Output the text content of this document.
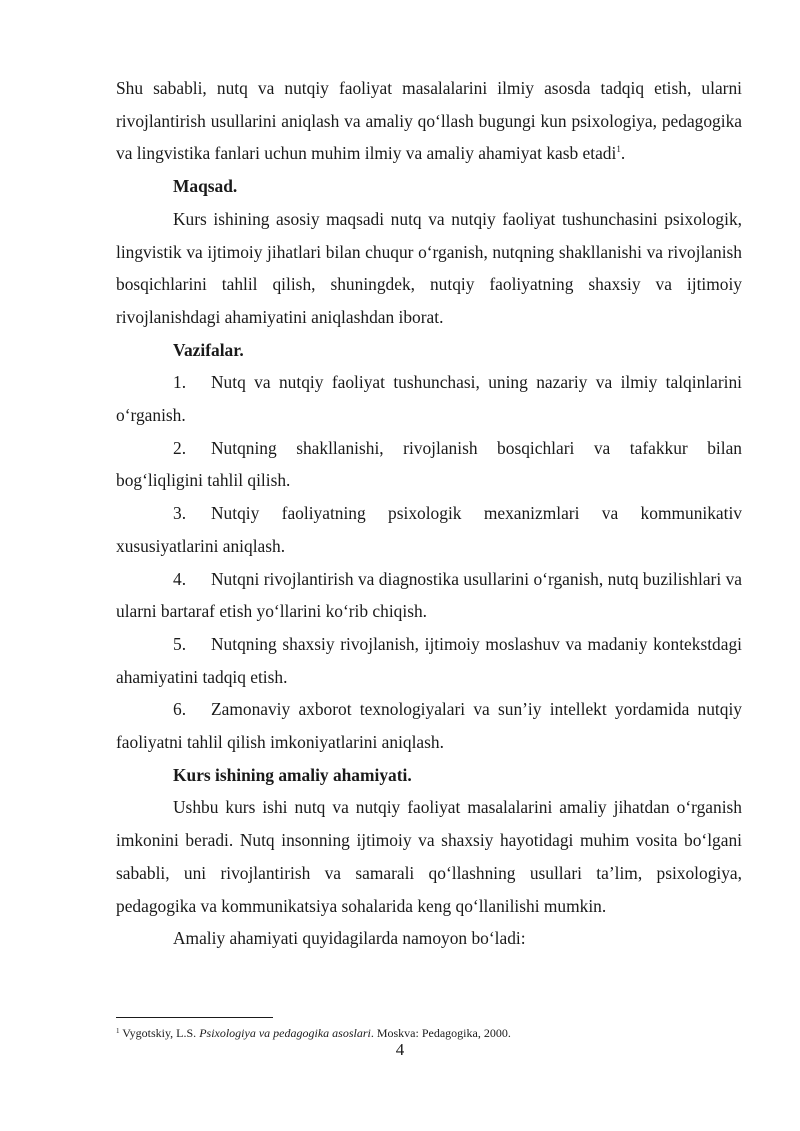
Shu sababli, nutq va nutqiy faoliyat masalalarini ilmiy asosda tadqiq etish, ularni rivojlantirish usullarini aniqlash va amaliy qo‘llash bugungi kun psixologiya, pedagogika va lingvistika fanlari uchun muhim ilmiy va amaliy ahamiyat kasb etadi$^1$.

Maqsad.

Kurs ishining asosiy maqsadi nutq va nutqiy faoliyat tushunchasini psixologik, lingvistik va ijtimoiy jihatlari bilan chuqur o‘rganish, nutqning shakllanishi va rivojlanish bosqichlarini tahlil qilish, shuningdek, nutqiy faoliyatning shaxsiy va ijtimoiy rivojlanishdagi ahamiyatini aniqlashdan iborat.

Vazifalar.

1. Nutq va nutqiy faoliyat tushunchasi, uning nazariy va ilmiy talqinlarini o‘rganish.

2. Nutqning shakllanishi, rivojlanish bosqichlari va tafakkur bilan bog‘liqligini tahlil qilish.

3. Nutqiy faoliyatning psixologik mexanizmlari va kommunikativ xususiyatlarini aniqlash.

4. Nutqni rivojlantirish va diagnostika usullarini o‘rganish, nutq buzilishlari va ularni bartaraf etish yo‘llarini ko‘rib chiqish.

5. Nutqning shaxsiy rivojlanish, ijtimoiy moslashuv va madaniy kontekstdagi ahamiyatini tadqiq etish.

6. Zamonaviy axborot texnologiyalari va sun’iy intellekt yordamida nutqiy faoliyatni tahlil qilish imkoniyatlarini aniqlash.

Kurs ishining amaliy ahamiyati.

Ushbu kurs ishi nutq va nutqiy faoliyat masalalarini amaliy jihatdan o‘rganish imkonini beradi. Nutq insonning ijtimoiy va shaxsiy hayotidagi muhim vosita bo‘lgani sababli, uni rivojlantirish va samarali qo‘llashning usullari ta’lim, psixologiya, pedagogika va kommunikatsiya sohalarida keng qo‘llanilishi mumkin.

Amaliy ahamiyati quyidagilarda namoyon bo‘ladi:

$^1$ Vygotskiy, L.S. Psixologiya va pedagogika asoslari. Moskva: Pedagogika, 2000.
4
